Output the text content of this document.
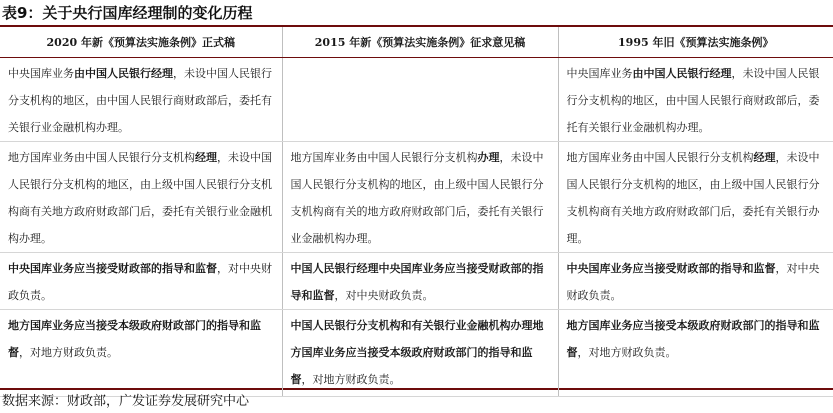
表9：关于央行国库经理制的变化历程
2020 年新《预算法实施条例》正式稿	2015 年新《预算法实施条例》征求意见稿	1995 年旧《预算法实施条例》
中央国库业务由中国人民银行经理，未设中国人民银行分支机构的地区，由中国人民银行商财政部后，委托有关银行业金融机构办理。		中央国库业务由中国人民银行经理，未设中国人民银行分支机构的地区，由中国人民银行商财政部后，委托有关银行业金融机构办理。
地方国库业务由中国人民银行分支机构经理，未设中国人民银行分支机构的地区，由上级中国人民银行分支机构商有关地方政府财政部门后，委托有关银行业金融机构办理。	地方国库业务由中国人民银行分支机构办理，未设中国人民银行分支机构的地区，由上级中国人民银行分支机构商有关的地方政府财政部门后，委托有关银行业金融机构办理。	地方国库业务由中国人民银行分支机构经理，未设中国人民银行分支机构的地区，由上级中国人民银行分支机构商有关地方政府财政部门后，委托有关银行办理。
中央国库业务应当接受财政部的指导和监督，对中央财政负责。	中国人民银行经理中央国库业务应当接受财政部的指导和监督，对中央财政负责。	中央国库业务应当接受财政部的指导和监督，对中央财政负责。
地方国库业务应当接受本级政府财政部门的指导和监督，对地方财政负责。	中国人民银行分支机构和有关银行业金融机构办理地方国库业务应当接受本级政府财政部门的指导和监督，对地方财政负责。	地方国库业务应当接受本级政府财政部门的指导和监督，对地方财政负责。
数据来源：财政部，广发证券发展研究中心
